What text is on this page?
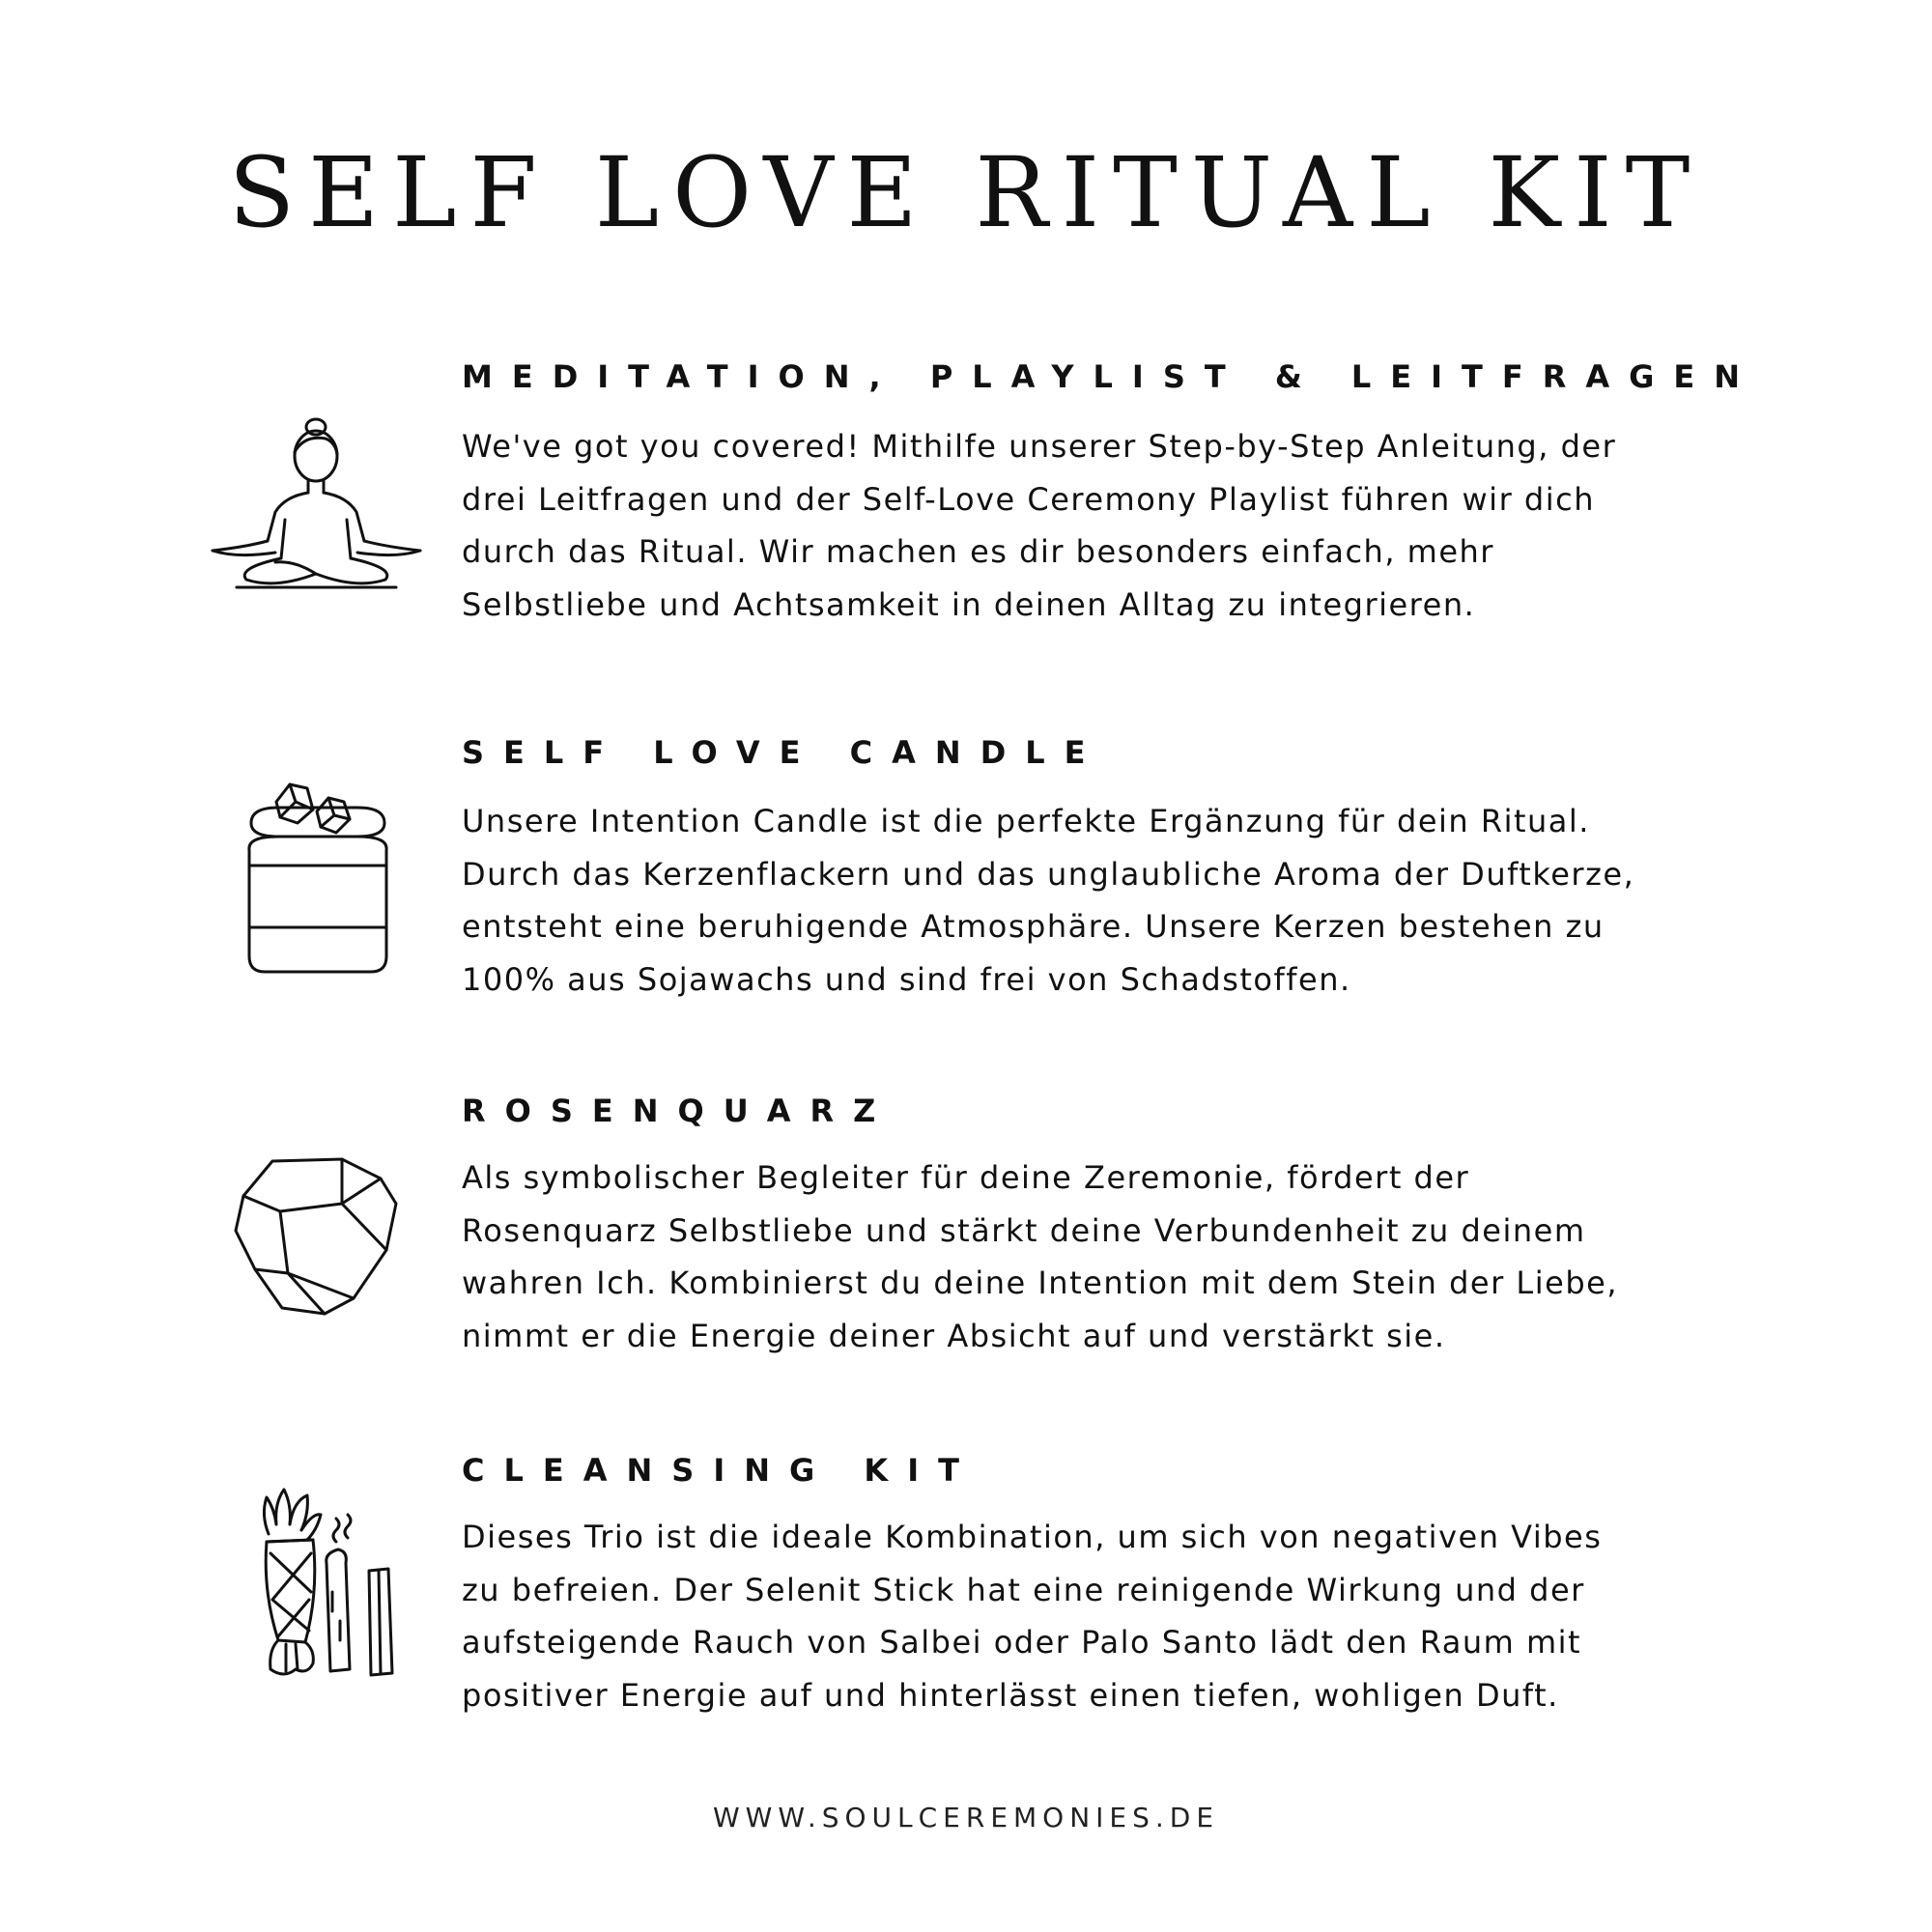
SELF LOVE RITUAL KIT
MEDITATION, PLAYLIST & LEITFRAGEN

We've got you covered! Mithilfe unserer Step-by-Step Anleitung, der
drei Leitfragen und der Self-Love Ceremony Playlist führen wir dich
durch das Ritual. Wir machen es dir besonders einfach, mehr
Selbstliebe und Achtsamkeit in deinen Alltag zu integrieren.

SELF LOVE CANDLE

Unsere Intention Candle ist die perfekte Ergänzung für dein Ritual.
Durch das Kerzenflackern und das unglaubliche Aroma der Duftkerze,
entsteht eine beruhigende Atmosphäre. Unsere Kerzen bestehen zu
100% aus Sojawachs und sind frei von Schadstoffen.

ROSENQUARZ

Als symbolischer Begleiter für deine Zeremonie, fördert der
Rosenquarz Selbstliebe und stärkt deine Verbundenheit zu deinem
wahren Ich. Kombinierst du deine Intention mit dem Stein der Liebe,
nimmt er die Energie deiner Absicht auf und verstärkt sie.

CLEANSING KIT

Dieses Trio ist die ideale Kombination, um sich von negativen Vibes
zu befreien. Der Selenit Stick hat eine reinigende Wirkung und der
aufsteigende Rauch von Salbei oder Palo Santo lädt den Raum mit
positiver Energie auf und hinterlässt einen tiefen, wohligen Duft.

WWW.SOULCEREMONIES.DE
